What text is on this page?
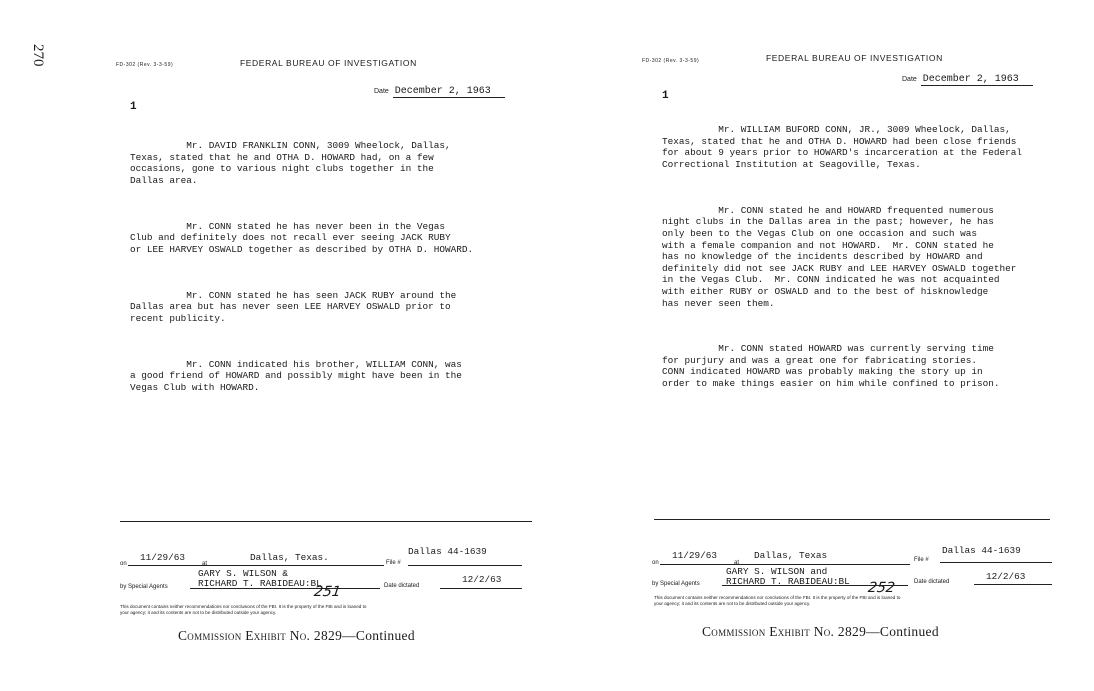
270	FD-302 (Rev. 3-3-59)	FEDERAL BUREAU OF INVESTIGATION
Date December 2, 1963
1

Mr. DAVID FRANKLIN CONN, 3009 Wheelock, Dallas,
Texas, stated that he and OTHA D. HOWARD had, on a few
occasions, gone to various night clubs together in the
Dallas area.

Mr. CONN stated he has never been in the Vegas
Club and definitely does not recall ever seeing JACK RUBY
or LEE HARVEY OSWALD together as described by OTHA D. HOWARD.

Mr. CONN stated he has seen JACK RUBY around the
Dallas area but has never seen LEE HARVEY OSWALD prior to
recent publicity.

Mr. CONN indicated his brother, WILLIAM CONN, was
a good friend of HOWARD and possibly might have been in the
Vegas Club with HOWARD.

Dallas 44-1639
on
11/29/63
at
Dallas, Texas.	File #
GARY S. WILSON &
by Special Agents	RICHARD T. RABIDEAU:BL	Date dictated
12/2/63
251
This document contains neither recommendations nor conclusions of the FBI. It is the property of the FBI and is loaned to
your agency; it and its contents are not to be distributed outside your agency.
Commission Exhibit No. 2829—Continued
FD-302 (Rev. 3-3-59)	FEDERAL BUREAU OF INVESTIGATION
Date December 2, 1963
1

Mr. WILLIAM BUFORD CONN, JR., 3009 Wheelock, Dallas,
Texas, stated that he and OTHA D. HOWARD had been close friends
for about 9 years prior to HOWARD's incarceration at the Federal
Correctional Institution at Seagoville, Texas.

Mr. CONN stated he and HOWARD frequented numerous
night clubs in the Dallas area in the past; however, he has
only been to the Vegas Club on one occasion and such was
with a female companion and not HOWARD.  Mr. CONN stated he
has no knowledge of the incidents described by HOWARD and
definitely did not see JACK RUBY and LEE HARVEY OSWALD together
in the Vegas Club.  Mr. CONN indicated he was not acquainted
with either RUBY or OSWALD and to the best of hisknowledge
has never seen them.

Mr. CONN stated HOWARD was currently serving time
for purjury and was a great one for fabricating stories.
CONN indicated HOWARD was probably making the story up in
order to make things easier on him while confined to prison.

Dallas 44-1639
on
11/29/63
at
Dallas, Texas	File #
GARY S. WILSON and
by Special Agents	RICHARD T. RABIDEAU:BL	Date dictated	12/2/63
252
This document contains neither recommendations nor conclusions of the FBI. It is the property of the FBI and is loaned to
your agency; it and its contents are not to be distributed outside your agency.
Commission Exhibit No. 2829—Continued
